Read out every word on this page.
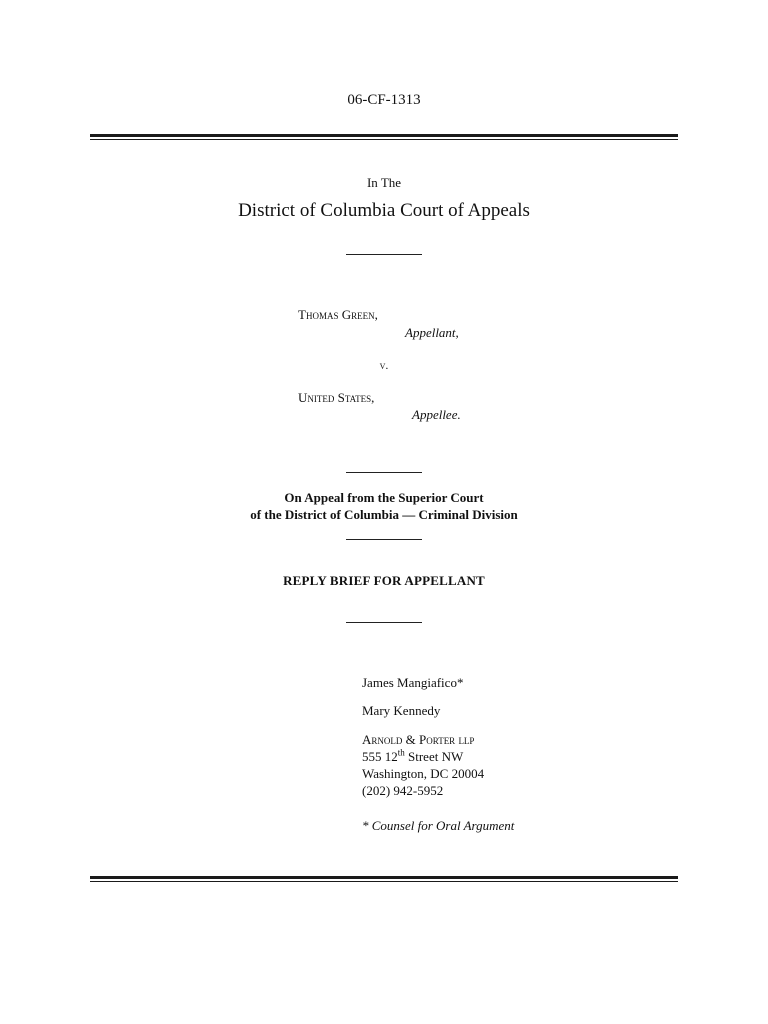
06-CF-1313
In The
District of Columbia Court of Appeals
Thomas Green,
Appellant,
v.
United States,
Appellee.
On Appeal from the Superior Court
of the District of Columbia — Criminal Division
REPLY BRIEF FOR APPELLANT
James Mangiafico*
Mary Kennedy
Arnold & Porter llp
555 12th Street NW
Washington, DC 20004
(202) 942-5952
* Counsel for Oral Argument
